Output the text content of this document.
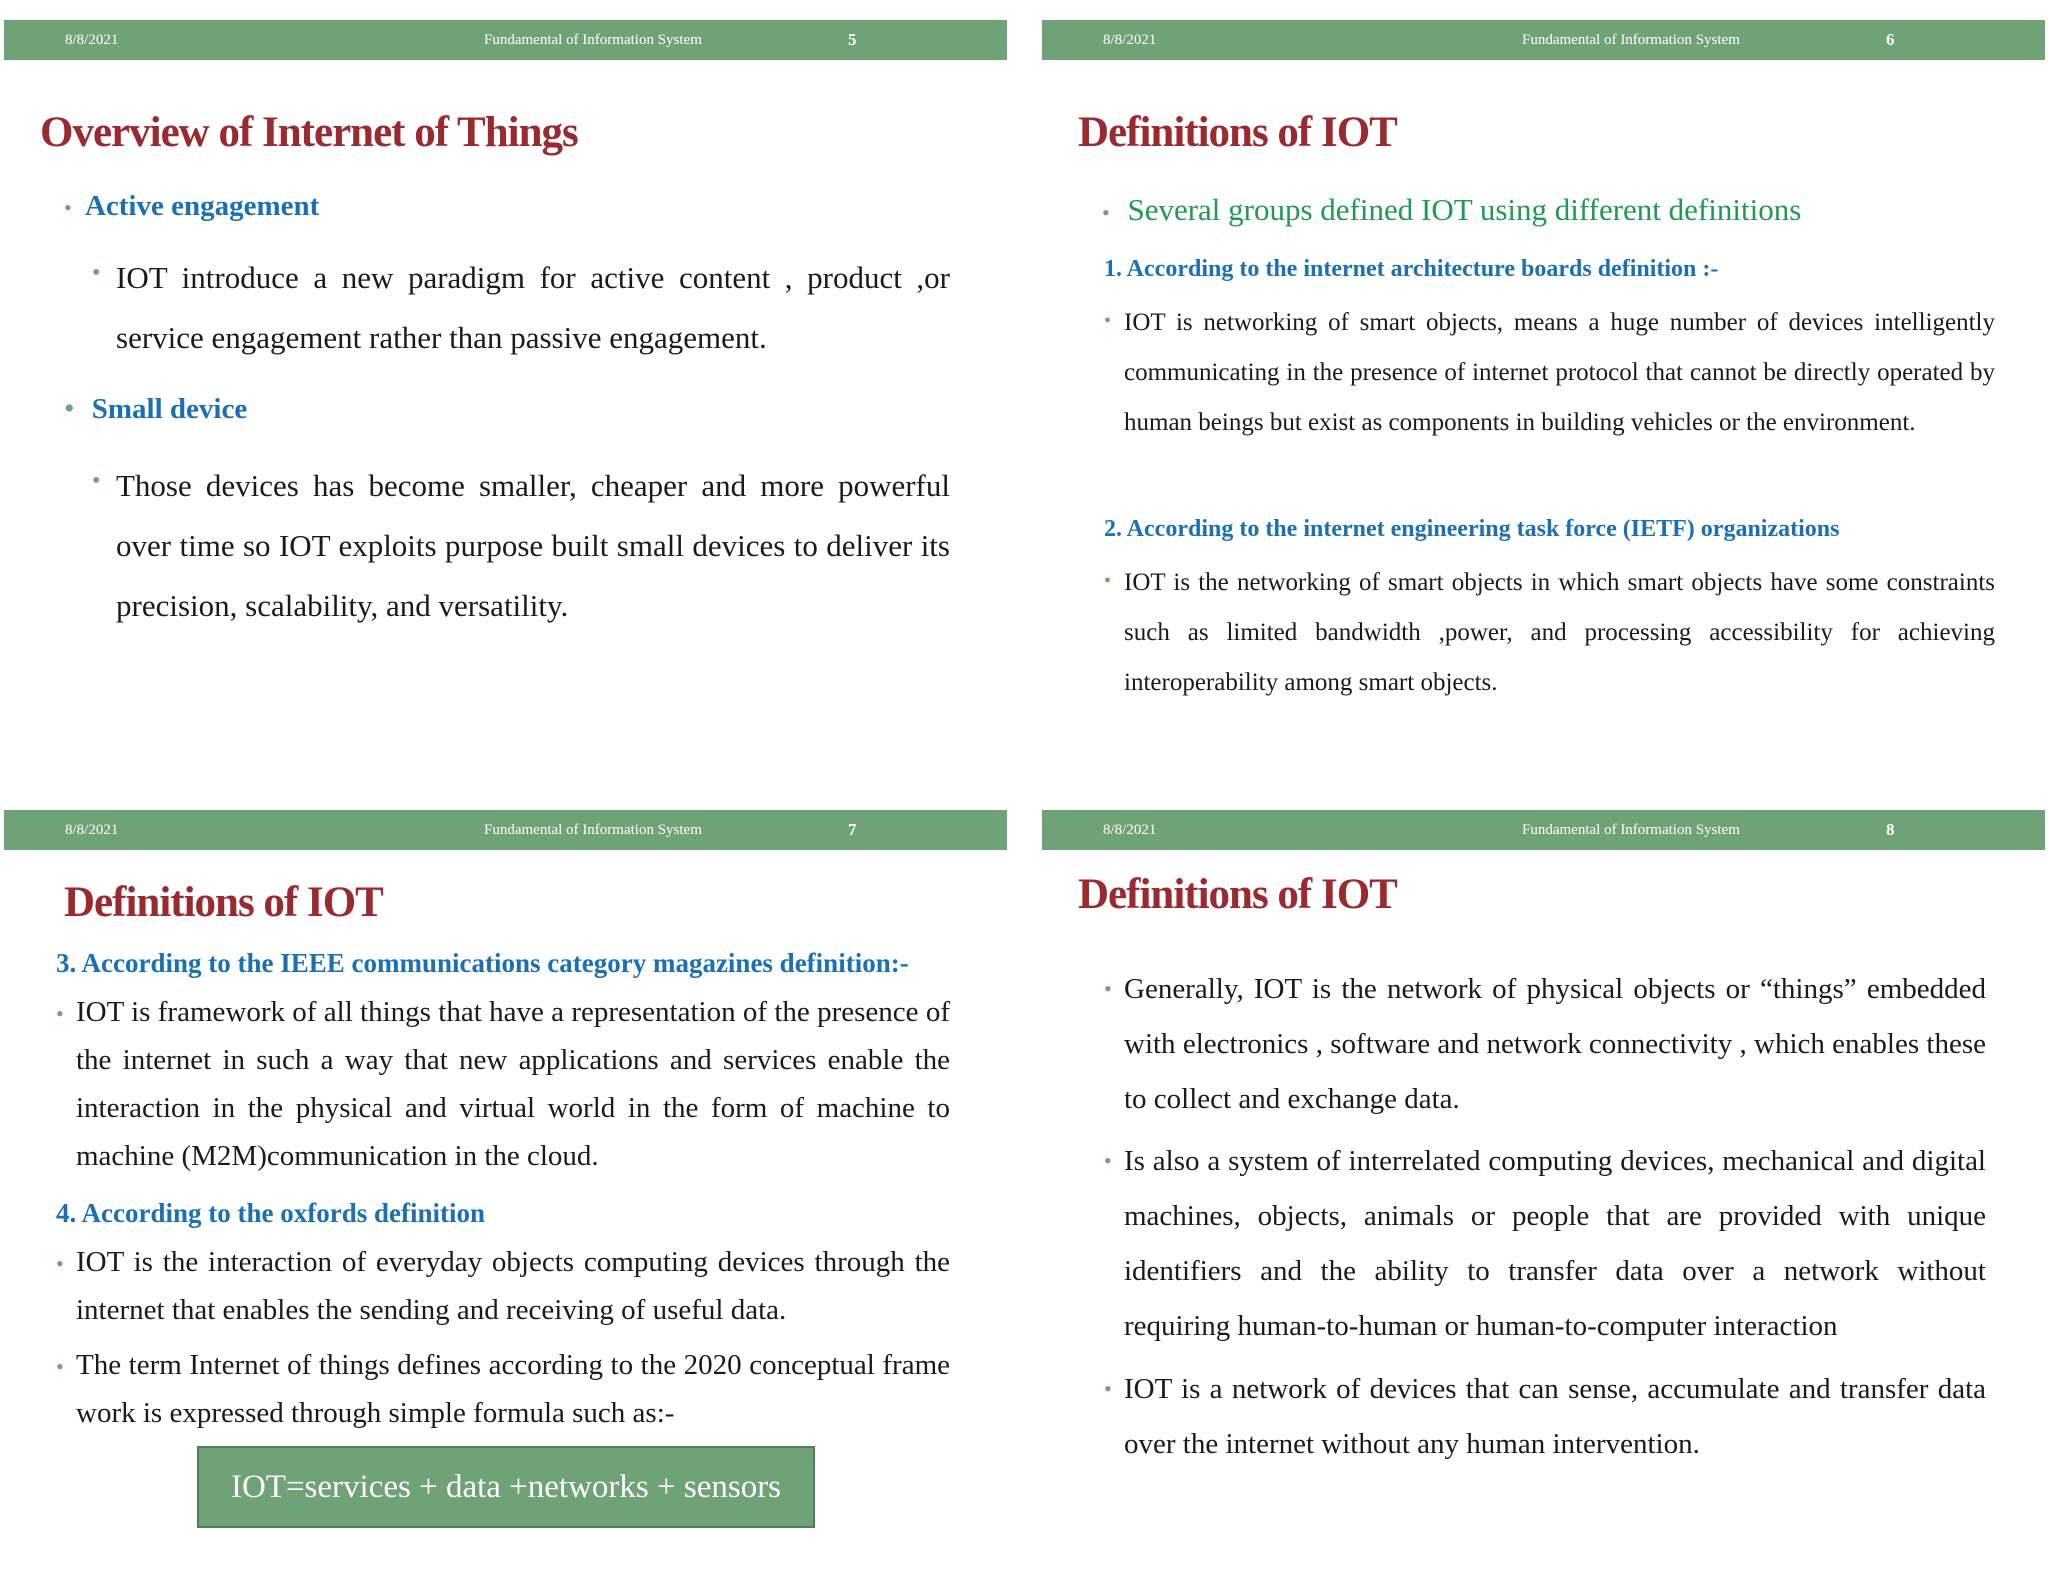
8/8/2021	Fundamental of Information System	5
Overview of Internet of Things
• Active engagement
• IOT introduce a new paradigm for active content , product ,or service engagement rather than passive engagement.
• Small device
• Those devices has become smaller, cheaper and more powerful over time so IOT exploits purpose built small devices to deliver its precision, scalability, and versatility.
8/8/2021	Fundamental of Information System	6
Definitions of IOT
• Several groups defined IOT using different definitions
1. According to the internet architecture boards definition :-
• IOT is networking of smart objects, means a huge number of devices intelligently communicating in the presence of internet protocol that cannot be directly operated by human beings but exist as components in building vehicles or the environment.
2. According to the internet engineering task force (IETF) organizations
• IOT is the networking of smart objects in which smart objects have some constraints such as limited bandwidth ,power, and processing accessibility for achieving interoperability among smart objects.
8/8/2021	Fundamental of Information System	7
Definitions of IOT
3. According to the IEEE communications category magazines definition:-
• IOT is framework of all things that have a representation of the presence of the internet in such a way that new applications and services enable the interaction in the physical and virtual world in the form of machine to machine (M2M)communication in the cloud.
4. According to the oxfords definition
• IOT is the interaction of everyday objects computing devices through the internet that enables the sending and receiving of useful data.
• The term Internet of things defines according to the 2020 conceptual frame work is expressed through simple formula such as:-
IOT=services + data +networks + sensors
8/8/2021	Fundamental of Information System	8
Definitions of IOT
• Generally, IOT is the network of physical objects or “things” embedded with electronics , software and network connectivity , which enables these to collect and exchange data.
• Is also a system of interrelated computing devices, mechanical and digital machines, objects, animals or people that are provided with unique identifiers and the ability to transfer data over a network without requiring human-to-human or human-to-computer interaction
• IOT is a network of devices that can sense, accumulate and transfer data over the internet without any human intervention.
